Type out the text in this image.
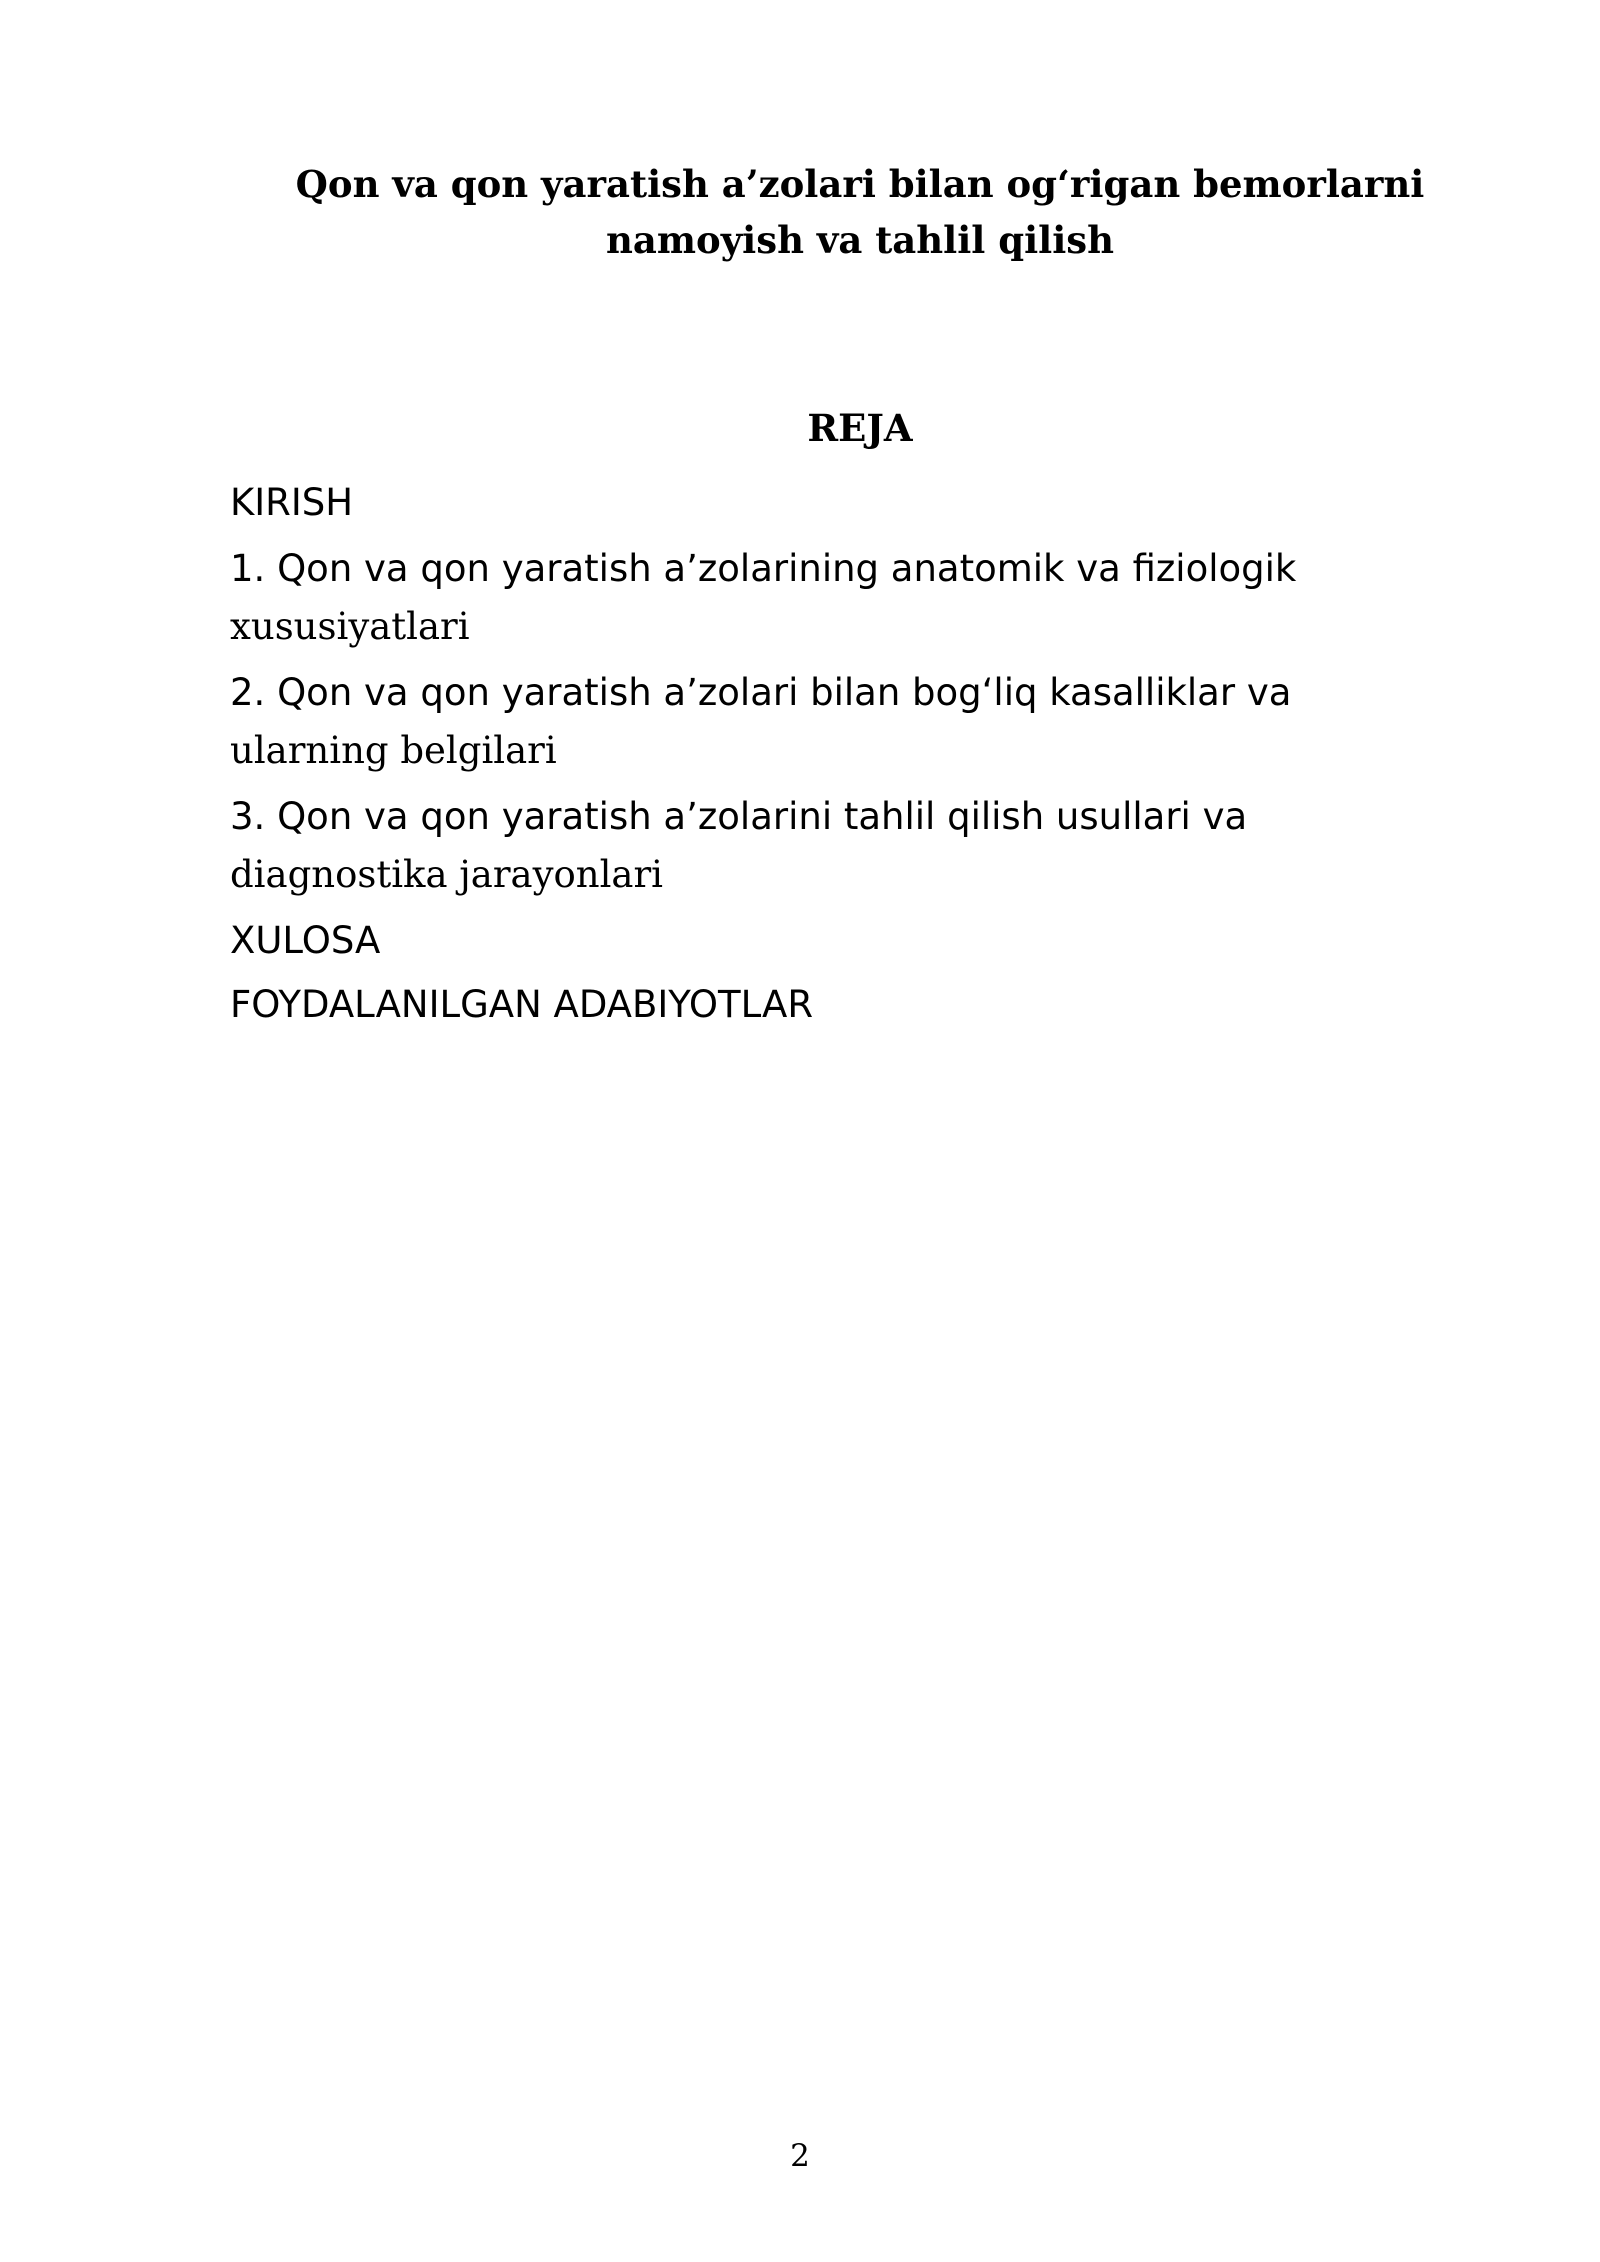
Qon va qon yaratish a’zolari bilan og‘rigan bemorlarni
namoyish va tahlil qilish
REJA
KIRISH
1. Qon va qon yaratish a’zolarining anatomik va fiziologik
xususiyatlari
2. Qon va qon yaratish a’zolari bilan bog‘liq kasalliklar va
ularning belgilari
3. Qon va qon yaratish a’zolarini tahlil qilish usullari va
diagnostika jarayonlari
XULOSA
FOYDALANILGAN ADABIYOTLAR
2
